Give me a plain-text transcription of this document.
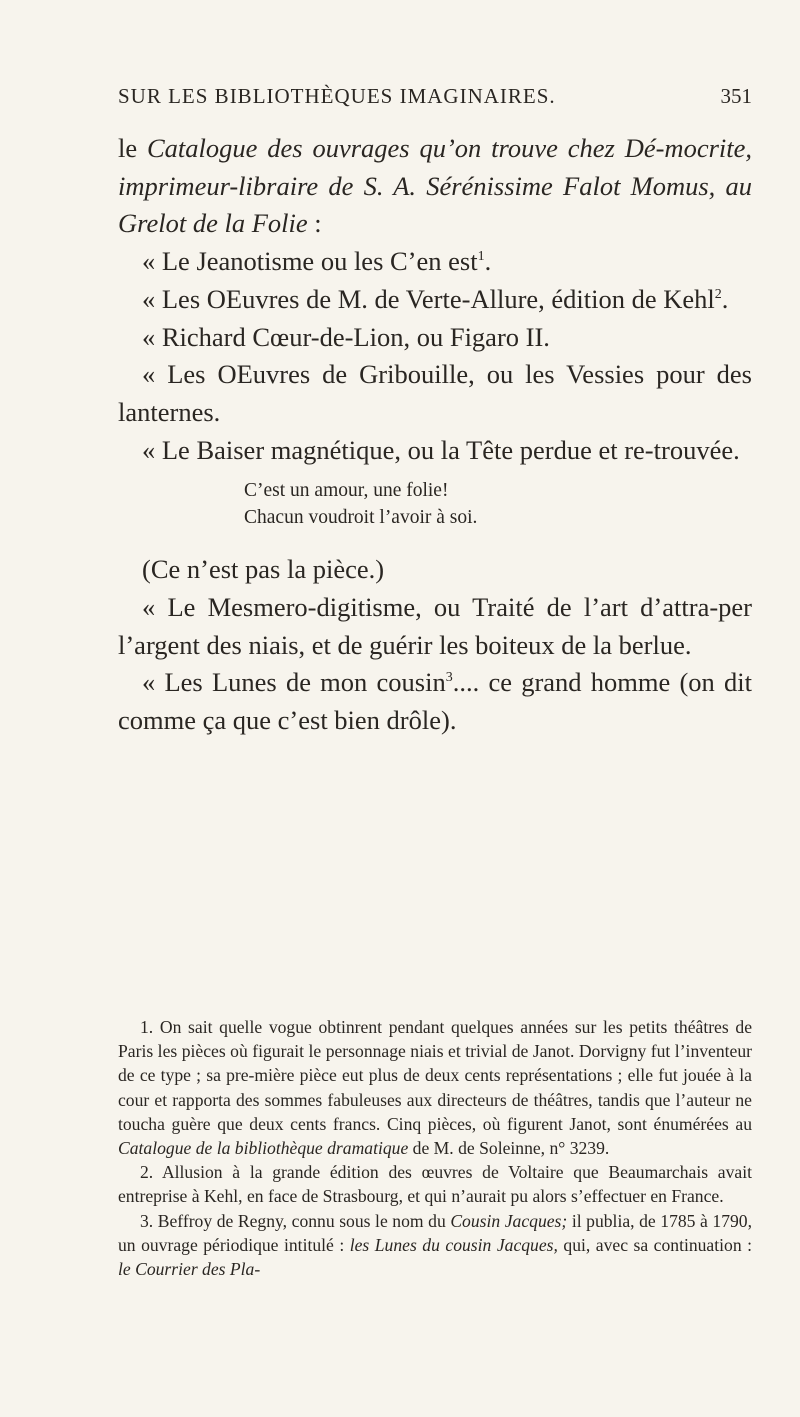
SUR LES BIBLIOTHÈQUES IMAGINAIRES.	351

le Catalogue des ouvrages qu’on trouve chez Dé-mocrite, imprimeur-libraire de S. A. Sérénissime Falot Momus, au Grelot de la Folie :

« Le Jeanotisme ou les C’en est$^1$.

« Les OEuvres de M. de Verte-Allure, édition de Kehl$^2$.

« Richard Cœur-de-Lion, ou Figaro II.

« Les OEuvres de Gribouille, ou les Vessies pour des lanternes.

« Le Baiser magnétique, ou la Tête perdue et re-trouvée.

C’est un amour, une folie!
Chacun voudroit l’avoir à soi.

(Ce n’est pas la pièce.)

« Le Mesmero-digitisme, ou Traité de l’art d’attra-per l’argent des niais, et de guérir les boiteux de la berlue.

« Les Lunes de mon cousin$^3$.... ce grand homme (on dit comme ça que c’est bien drôle).

1. On sait quelle vogue obtinrent pendant quelques années sur les petits théâtres de Paris les pièces où figurait le personnage niais et trivial de Janot. Dorvigny fut l’inventeur de ce type ; sa pre-mière pièce eut plus de deux cents représentations ; elle fut jouée à la cour et rapporta des sommes fabuleuses aux directeurs de théâtres, tandis que l’auteur ne toucha guère que deux cents francs. Cinq pièces, où figurent Janot, sont énumérées au Catalogue de la bibliothèque dramatique de M. de Soleinne, n° 3239.

2. Allusion à la grande édition des œuvres de Voltaire que Beaumarchais avait entreprise à Kehl, en face de Strasbourg, et qui n’aurait pu alors s’effectuer en France.

3. Beffroy de Regny, connu sous le nom du Cousin Jacques; il publia, de 1785 à 1790, un ouvrage périodique intitulé : les Lunes du cousin Jacques, qui, avec sa continuation : le Courrier des Pla-
